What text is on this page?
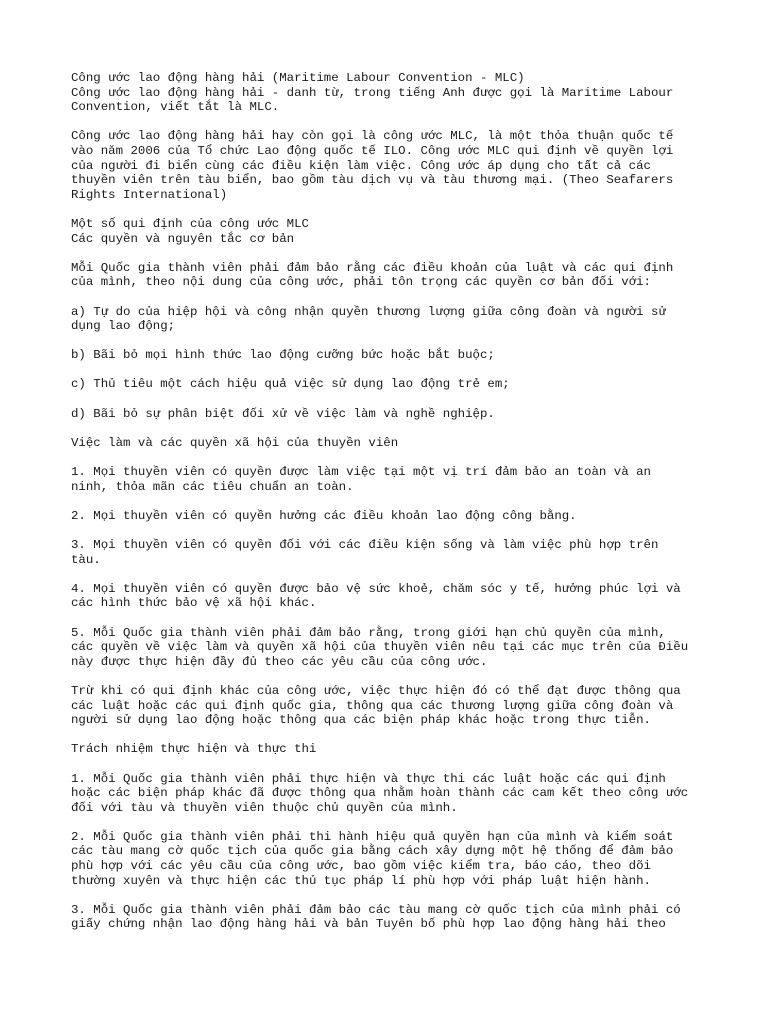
Công ước lao động hàng hải (Maritime Labour Convention - MLC)
Công ước lao động hàng hải - danh từ, trong tiếng Anh được gọi là Maritime Labour
Convention, viết tắt là MLC.
Công ước lao động hàng hải hay còn gọi là công ước MLC, là một thỏa thuận quốc tế
vào năm 2006 của Tổ chức Lao động quốc tế ILO. Công ước MLC qui định về quyền lợi
của người đi biển cùng các điều kiện làm việc. Công ước áp dụng cho tất cả các
thuyền viên trên tàu biển, bao gồm tàu dịch vụ và tàu thương mại. (Theo Seafarers
Rights International)
Một số qui định của công ước MLC
Các quyền và nguyên tắc cơ bản
Mỗi Quốc gia thành viên phải đảm bảo rằng các điều khoản của luật và các qui định
của mình, theo nội dung của công ước, phải tôn trọng các quyền cơ bản đối với:
a) Tự do của hiệp hội và công nhận quyền thương lượng giữa công đoàn và người sử
dụng lao động;
b) Bãi bỏ mọi hình thức lao động cưỡng bức hoặc bắt buộc;
c) Thủ tiêu một cách hiệu quả việc sử dụng lao động trẻ em;
d) Bãi bỏ sự phân biệt đối xử về việc làm và nghề nghiệp.
Việc làm và các quyền xã hội của thuyền viên
1. Mọi thuyền viên có quyền được làm việc tại một vị trí đảm bảo an toàn và an
ninh, thỏa mãn các tiêu chuẩn an toàn.
2. Mọi thuyền viên có quyền hưởng các điều khoản lao động công bằng.
3. Mọi thuyền viên có quyền đối với các điều kiện sống và làm việc phù hợp trên
tàu.
4. Mọi thuyền viên có quyền được bảo vệ sức khoẻ, chăm sóc y tế, hưởng phúc lợi và
các hình thức bảo vệ xã hội khác.
5. Mỗi Quốc gia thành viên phải đảm bảo rằng, trong giới hạn chủ quyền của mình,
các quyền về việc làm và quyền xã hội của thuyền viên nêu tại các mục trên của Điều
này được thực hiện đầy đủ theo các yêu cầu của công ước.
Trừ khi có qui định khác của công ước, việc thực hiện đó có thể đạt được thông qua
các luật hoặc các qui định quốc gia, thông qua các thương lượng giữa công đoàn và
người sử dụng lao động hoặc thông qua các biện pháp khác hoặc trong thực tiễn.
Trách nhiệm thực hiện và thực thi
1. Mỗi Quốc gia thành viên phải thực hiện và thực thi các luật hoặc các qui định
hoặc các biện pháp khác đã được thông qua nhằm hoàn thành các cam kết theo công ước
đối với tàu và thuyền viên thuộc chủ quyền của mình.
2. Mỗi Quốc gia thành viên phải thi hành hiệu quả quyền hạn của mình và kiểm soát
các tàu mang cờ quốc tịch của quốc gia bằng cách xây dựng một hệ thống để đảm bảo
phù hợp với các yêu cầu của công ước, bao gồm việc kiểm tra, báo cáo, theo dõi
thường xuyên và thực hiện các thủ tục pháp lí phù hợp với pháp luật hiện hành.
3. Mỗi Quốc gia thành viên phải đảm bảo các tàu mang cờ quốc tịch của mình phải có
giấy chứng nhận lao động hàng hải và bản Tuyên bố phù hợp lao động hàng hải theo
